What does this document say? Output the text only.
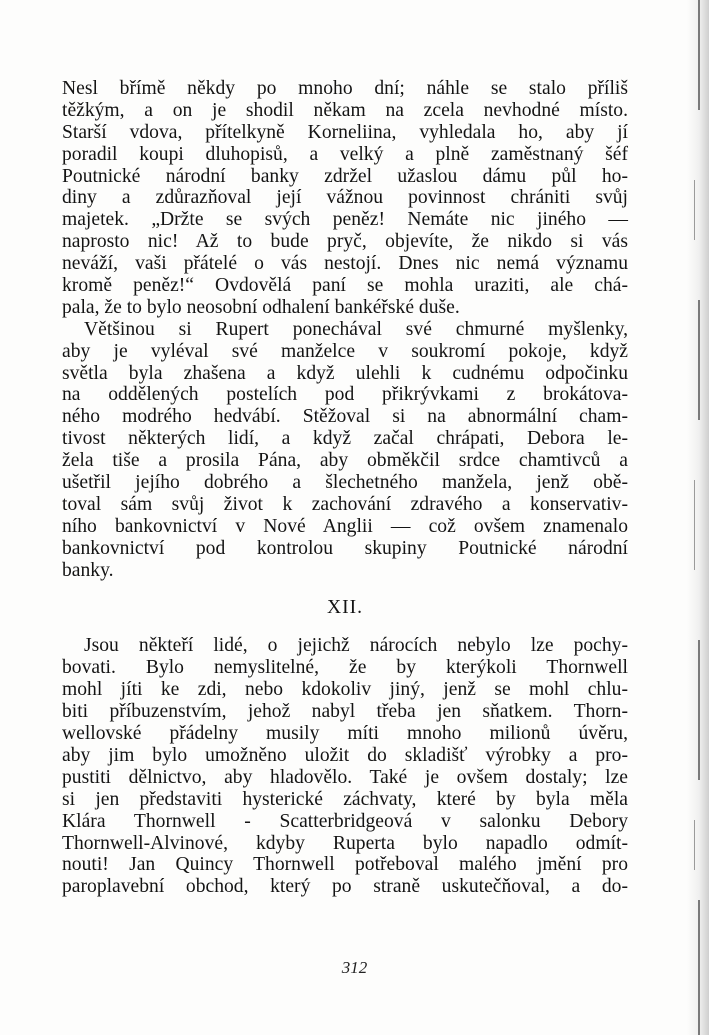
Nesl břímě někdy po mnoho dní; náhle se stalo příliš
těžkým, a on je shodil někam na zcela nevhodné místo.
Starší vdova, přítelkyně Korneliina, vyhledala ho, aby jí
poradil koupi dluhopisů, a velký a plně zaměstnaný šéf
Poutnické národní banky zdržel užaslou dámu půl ho-
diny a zdůrazňoval její vážnou povinnost chrániti svůj
majetek. „Držte se svých peněz! Nemáte nic jiného —
naprosto nic! Až to bude pryč, objevíte, že nikdo si vás
neváží, vaši přátelé o vás nestojí. Dnes nic nemá významu
kromě peněz!“ Ovdovělá paní se mohla uraziti, ale chá-
pala, že to bylo neosobní odhalení bankéřské duše.
Většinou si Rupert ponechával své chmurné myšlenky,
aby je vyléval své manželce v soukromí pokoje, když
světla byla zhašena a když ulehli k cudnému odpočinku
na oddělených postelích pod přikrývkami z brokátova-
ného modrého hedvábí. Stěžoval si na abnormální cham-
tivost některých lidí, a když začal chrápati, Debora le-
žela tiše a prosila Pána, aby obměkčil srdce chamtivců a
ušetřil jejího dobrého a šlechetného manžela, jenž obě-
toval sám svůj život k zachování zdravého a konservativ-
ního bankovnictví v Nové Anglii — což ovšem znamenalo
bankovnictví pod kontrolou skupiny Poutnické národní
banky.
XII.
Jsou někteří lidé, o jejichž nárocích nebylo lze pochy-
bovati. Bylo nemyslitelné, že by kterýkoli Thornwell
mohl jíti ke zdi, nebo kdokoliv jiný, jenž se mohl chlu-
biti příbuzenstvím, jehož nabyl třeba jen sňatkem. Thorn-
wellovské přádelny musily míti mnoho milionů úvěru,
aby jim bylo umožněno uložit do skladišť výrobky a pro-
pustiti dělnictvo, aby hladovělo. Také je ovšem dostaly; lze
si jen představiti hysterické záchvaty, které by byla měla
Klára Thornwell - Scatterbridgeová v salonku Debory
Thornwell-Alvinové, kdyby Ruperta bylo napadlo odmít-
nouti! Jan Quincy Thornwell potřeboval malého jmění pro
paroplavební obchod, který po straně uskutečňoval, a do-
312
